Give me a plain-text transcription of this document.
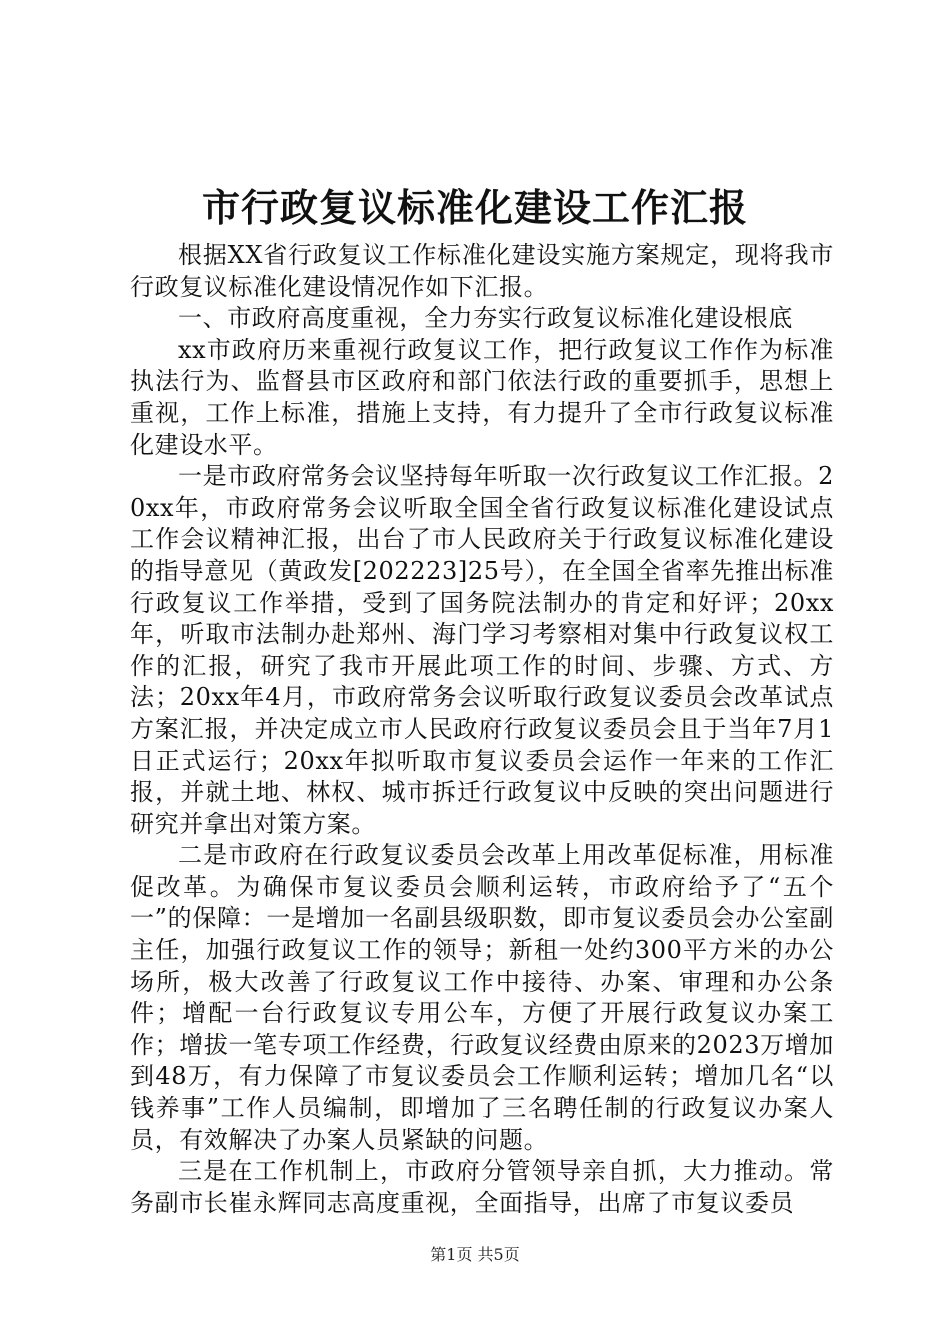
市行政复议标准化建设工作汇报

根据XX省行政复议工作标准化建设实施方案规定，现将我市行政复议标准化建设情况作如下汇报。

一、市政府高度重视，全力夯实行政复议标准化建设根底

xx市政府历来重视行政复议工作，把行政复议工作作为标准执法行为、监督县市区政府和部门依法行政的重要抓手，思想上重视，工作上标准，措施上支持，有力提升了全市行政复议标准化建设水平。

一是市政府常务会议坚持每年听取一次行政复议工作汇报。20xx年，市政府常务会议听取全国全省行政复议标准化建设试点工作会议精神汇报，出台了市人民政府关于行政复议标准化建设的指导意见（黄政发[202223]25号），在全国全省率先推出标准行政复议工作举措，受到了国务院法制办的肯定和好评；20xx年，听取市法制办赴郑州、海门学习考察相对集中行政复议权工作的汇报，研究了我市开展此项工作的时间、步骤、方式、方法；20xx年4月，市政府常务会议听取行政复议委员会改革试点方案汇报，并决定成立市人民政府行政复议委员会且于当年7月1日正式运行；20xx年拟听取市复议委员会运作一年来的工作汇报，并就土地、林权、城市拆迁行政复议中反映的突出问题进行研究并拿出对策方案。

二是市政府在行政复议委员会改革上用改革促标准，用标准促改革。为确保市复议委员会顺利运转，市政府给予了“五个一”的保障：一是增加一名副县级职数，即市复议委员会办公室副主任，加强行政复议工作的领导；新租一处约300平方米的办公场所，极大改善了行政复议工作中接待、办案、审理和办公条件；增配一台行政复议专用公车，方便了开展行政复议办案工作；增拔一笔专项工作经费，行政复议经费由原来的2023万增加到48万，有力保障了市复议委员会工作顺利运转；增加几名“以钱养事”工作人员编制，即增加了三名聘任制的行政复议办案人员，有效解决了办案人员紧缺的问题。

三是在工作机制上，市政府分管领导亲自抓，大力推动。常务副市长崔永辉同志高度重视，全面指导，出席了市复议委员

第1页 共5页
